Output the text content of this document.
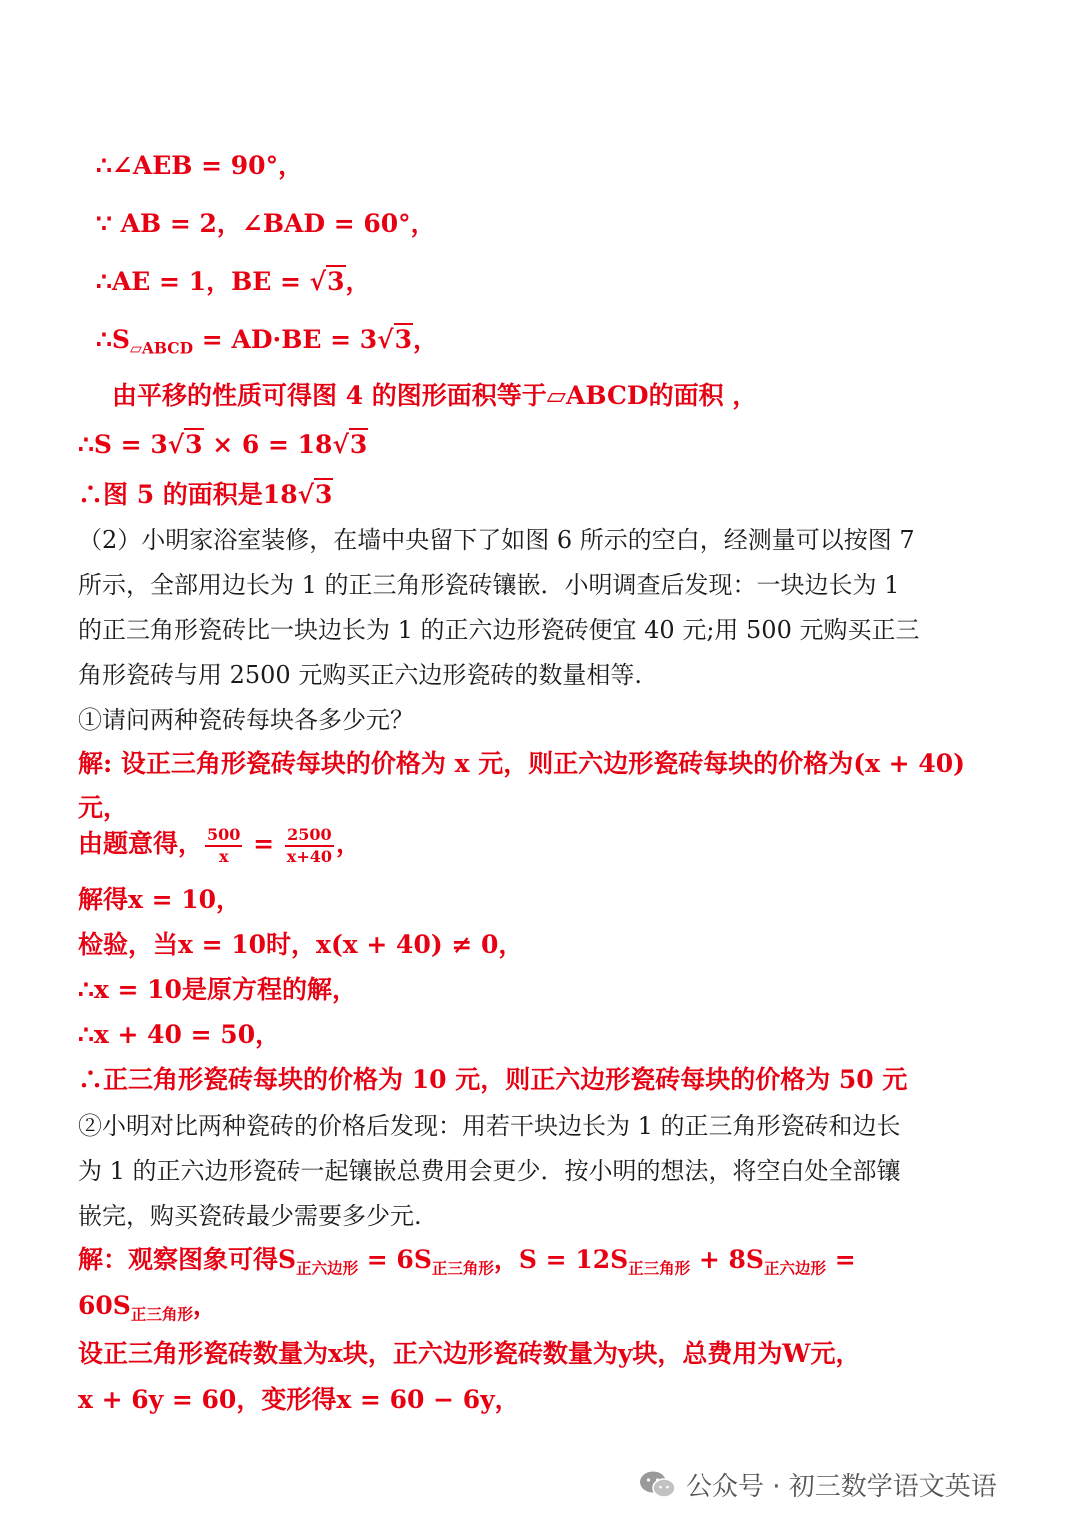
∴∠AEB = 90°，
∵ AB = 2，∠BAD = 60°，
∴AE = 1，BE = √3，
$\therefore S_{▱ABCD} = AD\cdot BE = 3√3$，
由平移的性质可得图 4 的图形面积等于▱ABCD的面积 ，
∴S = 3√3 × 6 = 18√3
∴图 5 的面积是18√3
（2）小明家浴室装修，在墙中央留下了如图 6 所示的空白，经测量可以按图 7
所示，全部用边长为 1 的正三角形瓷砖镶嵌．小明调查后发现：一块边长为 1
的正三角形瓷砖比一块边长为 1 的正六边形瓷砖便宜 40 元;用 500 元购买正三
角形瓷砖与用 2500 元购买正六边形瓷砖的数量相等.
①请问两种瓷砖每块各多少元？
解: 设正三角形瓷砖每块的价格为 x 元，则正六边形瓷砖每块的价格为(x + 40)
元，
由题意得， $\frac{500}{x} = \frac{2500}{x+40}$ ，
解得x = 10，
检验，当x = 10时，x(x + 40) ≠ 0，
∴x = 10是原方程的解，
∴x + 40 = 50，
∴正三角形瓷砖每块的价格为 10 元，则正六边形瓷砖每块的价格为 50 元
②小明对比两种瓷砖的价格后发现：用若干块边长为 1 的正三角形瓷砖和边长
为 1 的正六边形瓷砖一起镶嵌总费用会更少．按小明的想法，将空白处全部镶
嵌完，购买瓷砖最少需要多少元.
解：观察图象可得$S_{正六边形} = 6S_{正三角形}$，$S = 12S_{正三角形} + 8S_{正六边形}$ =
$60S_{正三角形}$，
设正三角形瓷砖数量为x块，正六边形瓷砖数量为y块，总费用为W元，
x + 6y = 60，变形得x = 60 − 6y，
公众号 · 初三数学语文英语
